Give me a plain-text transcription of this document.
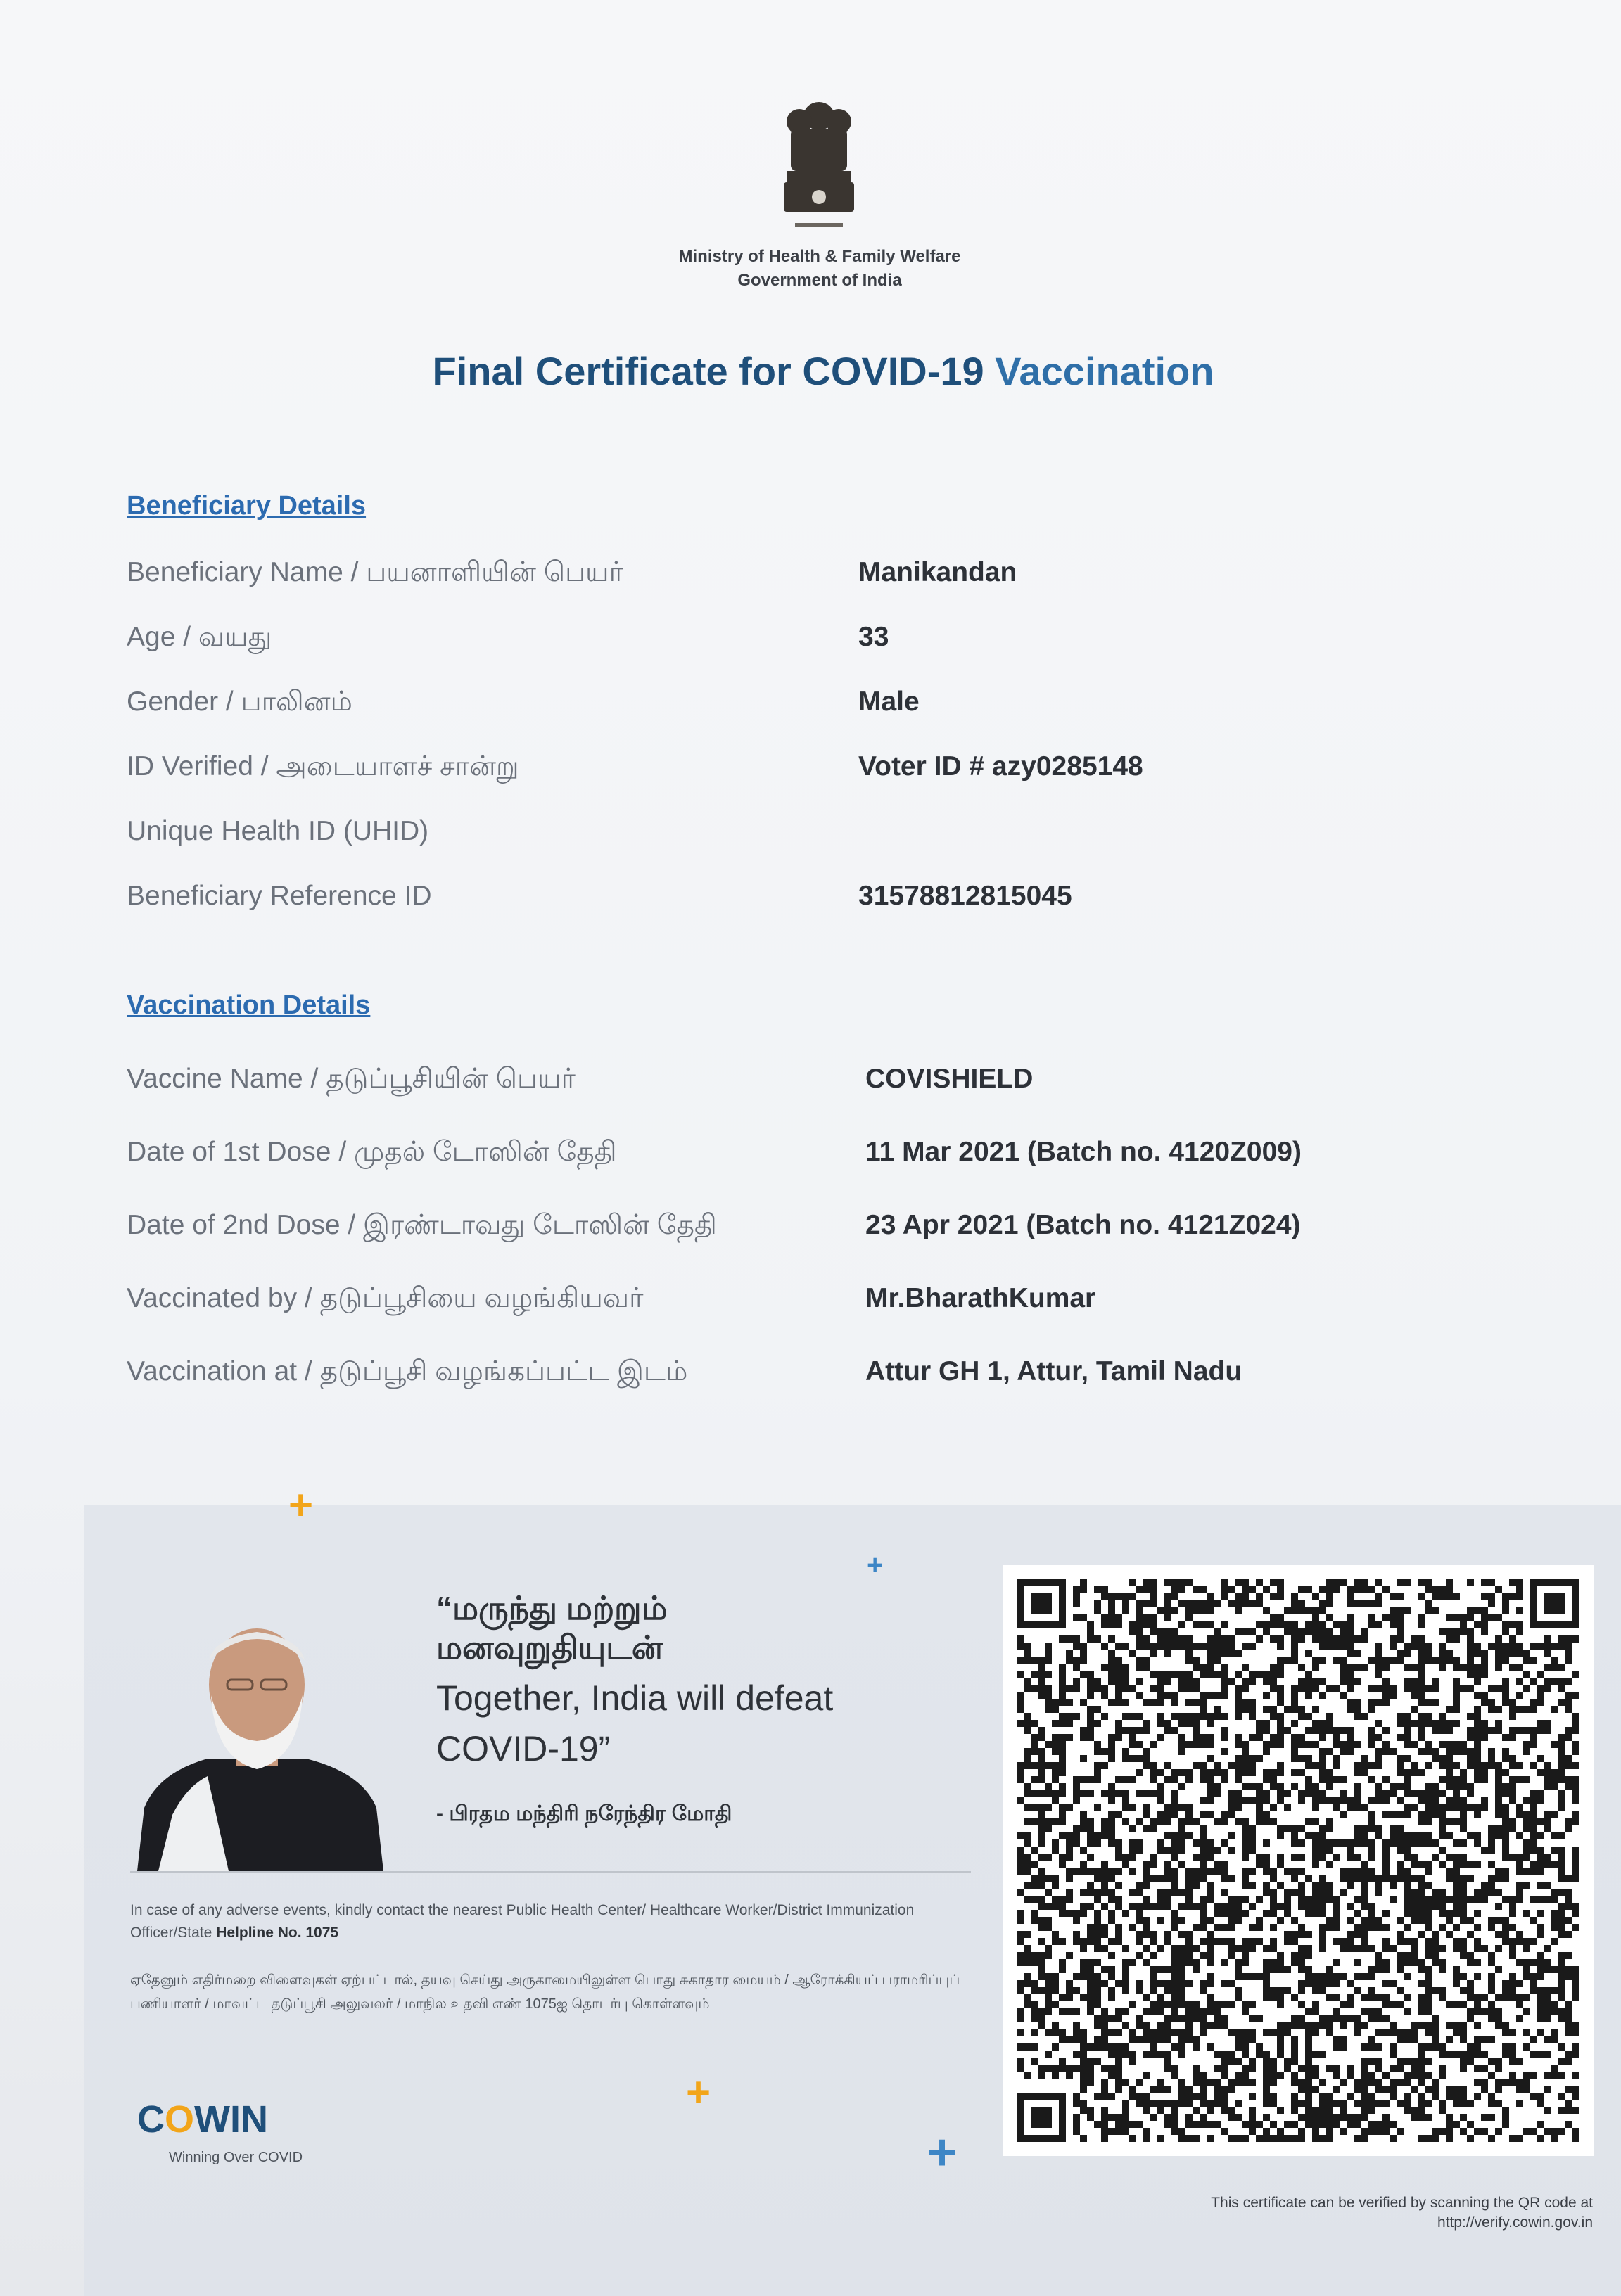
Ministry of Health & Family Welfare
Government of India
Final Certificate for COVID-19 Vaccination
Beneficiary Details
Beneficiary Name / பயனாளியின் பெயர்	Manikandan
Age / வயது	33
Gender / பாலினம்	Male
ID Verified / அடையாளச் சான்று	Voter ID # azy0285148
Unique Health ID (UHID)
Beneficiary Reference ID	31578812815045
Vaccination Details
Vaccine Name / தடுப்பூசியின் பெயர்	COVISHIELD
Date of 1st Dose / முதல் டோஸின் தேதி	11 Mar 2021 (Batch no. 4120Z009)
Date of 2nd Dose / இரண்டாவது டோஸின் தேதி	23 Apr 2021 (Batch no. 4121Z024)
Vaccinated by / தடுப்பூசியை வழங்கியவர்	Mr.BharathKumar
Vaccination at / தடுப்பூசி வழங்கப்பட்ட இடம்	Attur GH 1, Attur, Tamil Nadu
+
+
+
+
“மருந்து மற்றும்
மனவுறுதியுடன்
Together, India will defeat COVID-19”
- பிரதம மந்திரி நரேந்திர மோதி
In case of any adverse events, kindly contact the nearest Public Health Center/ Healthcare Worker/District Immunization Officer/State Helpline No. 1075
ஏதேனும் எதிர்மறை விளைவுகள் ஏற்பட்டால், தயவு செய்து அருகாமையிலுள்ள பொது சுகாதார மையம் / ஆரோக்கியப் பராமரிப்புப் பணியாளர் / மாவட்ட தடுப்பூசி அலுவலர் / மாநில உதவி எண் 1075ஐ தொடர்பு கொள்ளவும்
COWIN
Winning Over COVID
This certificate can be verified by scanning the QR code at
http://verify.cowin.gov.in
